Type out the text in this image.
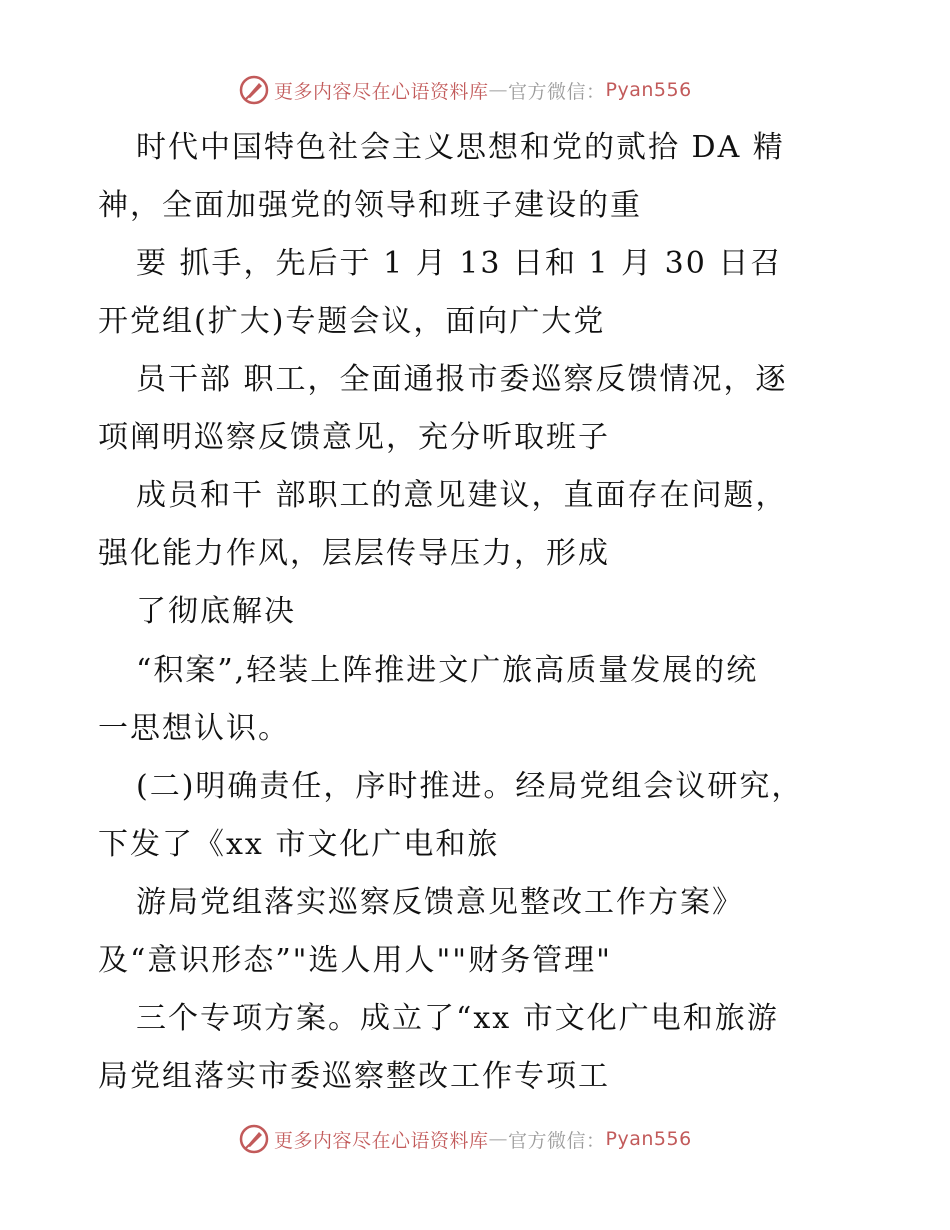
更多内容尽在心语资料库 — 官方微信： Pyan556
时代中国特色社会主义思想和党的贰拾 DA 精
神，全面加强党的领导和班子建设的重
要 抓手，先后于 1 月 13 日和 1 月 30 日召
开党组(扩大)专题会议，面向广大党
员干部 职工，全面通报市委巡察反馈情况，逐
项阐明巡察反馈意见，充分听取班子
成员和干 部职工的意见建议，直面存在问题，
强化能力作风，层层传导压力，形成
了彻底解决
“积案”,轻装上阵推进文广旅高质量发展的统
一思想认识。
(二)明确责任，序时推进。经局党组会议研究，
下发了《xx 市文化广电和旅
游局党组落实巡察反馈意见整改工作方案》
及“意识形态”"选人用人""财务管理"
三个专项方案。成立了“xx 市文化广电和旅游
局党组落实市委巡察整改工作专项工
更多内容尽在心语资料库 — 官方微信： Pyan556
